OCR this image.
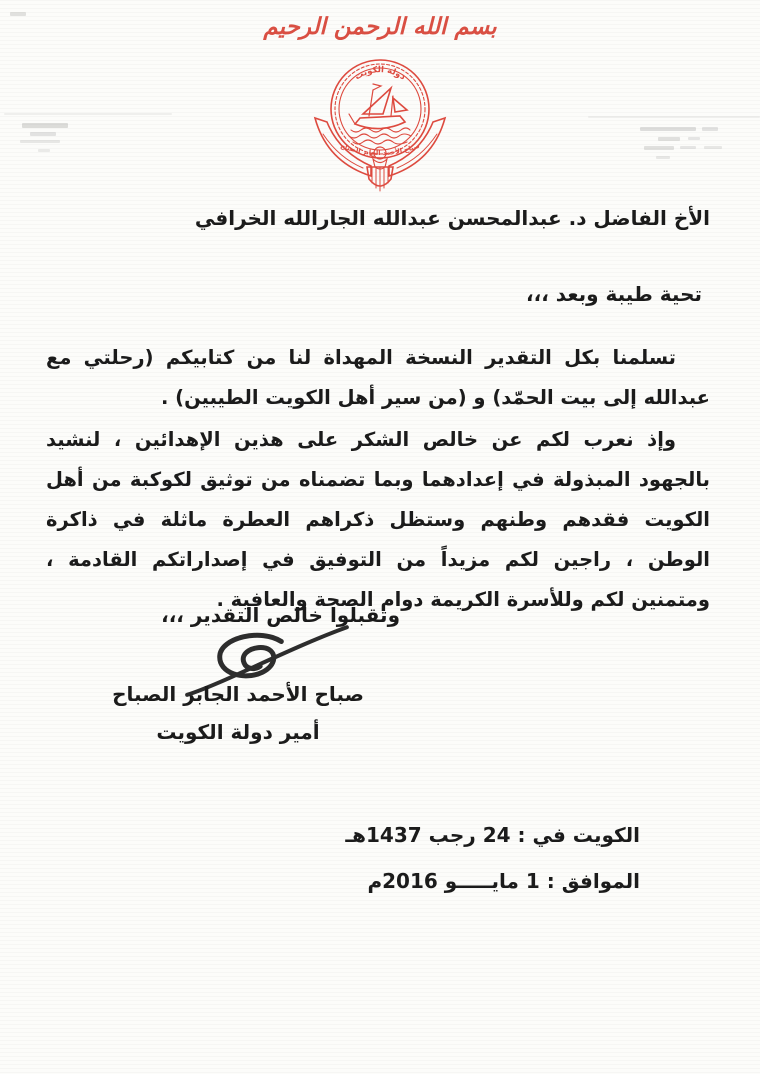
بسم الله الرحمن الرحيم
دولة الكويت
صباح الأحمد الجابر الصباح
الأخ الفاضل د. عبدالمحسن عبدالله الجارالله الخرافي
تحية طيبة وبعد ،،،

تسلمنا بكل التقدير النسخة المهداة لنا من كتابيكم (رحلتي مع عبدالله إلى بيت الحمّد) و (من سير أهل الكويت الطيبين) .

وإذ نعرب لكم عن خالص الشكر على هذين الإهدائين ، لنشيد بالجهود المبذولة في إعدادهما وبما تضمناه من توثيق لكوكبة من أهل الكويت فقدهم وطنهم وستظل ذكراهم العطرة ماثلة في ذاكرة الوطن ، راجين لكم مزيداً من التوفيق في إصداراتكم القادمة ، ومتمنين لكم وللأسرة الكريمة دوام الصحة والعافية .

وتقبلوا خالص التقدير ،،،
صباح الأحمد الجابر الصباح
أمير دولة الكويت
الكويت في : 24 رجب 1437هـ
الموافق : 1 مايـــــو 2016م
